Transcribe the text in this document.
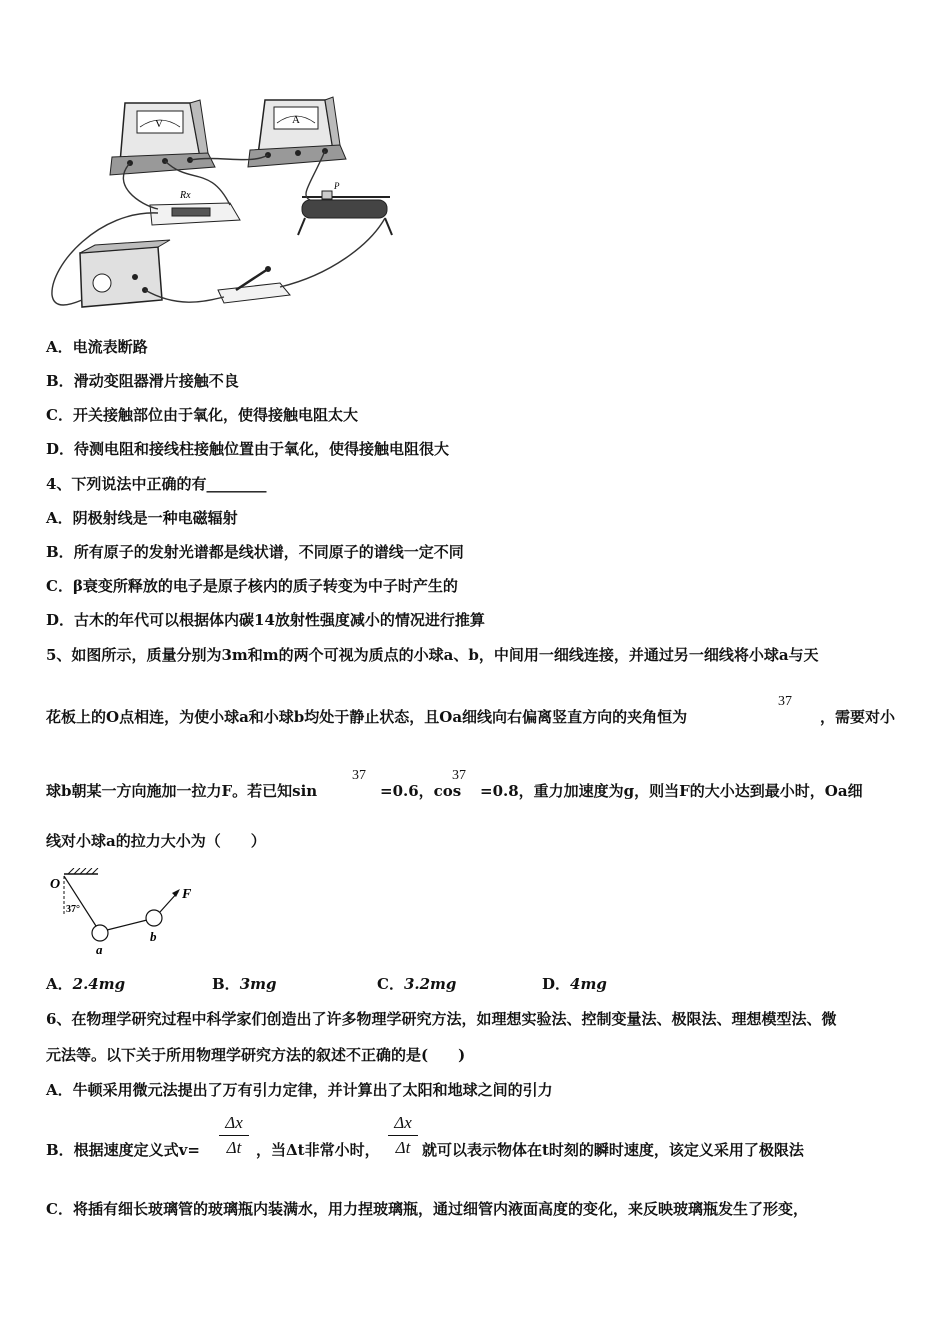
V	A
Rx
P
A．电流表断路
B．滑动变阻器滑片接触不良
C．开关接触部位由于氧化，使得接触电阻太大
D．待测电阻和接线柱接触位置由于氧化，使得接触电阻很大
4、下列说法中正确的有________
A．阴极射线是一种电磁辐射
B．所有原子的发射光谱都是线状谱，不同原子的谱线一定不同
C．β衰变所释放的电子是原子核内的质子转变为中子时产生的
D．古木的年代可以根据体内碳14放射性强度减小的情况进行推算
5、如图所示，质量分别为3m和m的两个可视为质点的小球a、b，中间用一细线连接，并通过另一细线将小球a与天
花板上的O点相连，为使小球a和小球b均处于静止状态，且Oa细线向右偏离竖直方向的夹角恒为
37
，需要对小
球b朝某一方向施加一拉力F。若已知sin
37
=0.6，cos
37
=0.8，重力加速度为g，则当F的大小达到最小时，Oa细
线对小球a的拉力大小为（　　）
O
37°
a
b
F
A．2.4mg	B．3mg	C．3.2mg	D．4mg
6、在物理学研究过程中科学家们创造出了许多物理学研究方法，如理想实验法、控制变量法、极限法、理想模型法、微
元法等。以下关于所用物理学研究方法的叙述不正确的是(　　)
A．牛顿采用微元法提出了万有引力定律，并计算出了太阳和地球之间的引力
B．根据速度定义式v=
Δx
Δt ，当Δt非常小时，
Δx
Δt 就可以表示物体在t时刻的瞬时速度，该定义采用了极限法
C．将插有细长玻璃管的玻璃瓶内装满水，用力捏玻璃瓶，通过细管内液面高度的变化，来反映玻璃瓶发生了形变，
